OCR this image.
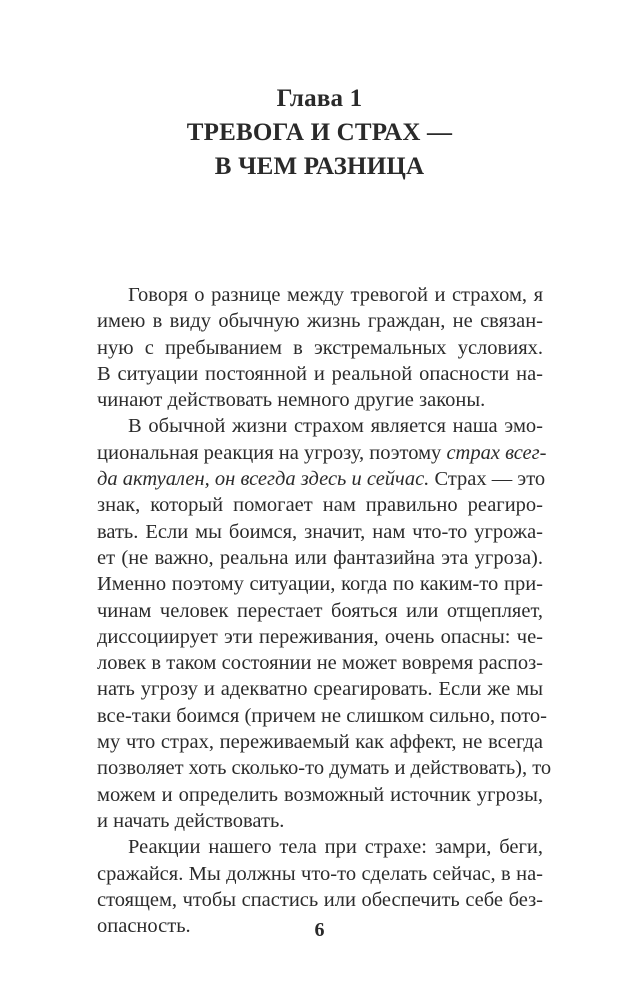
Глава 1
ТРЕВОГА И СТРАХ —
В ЧЕМ РАЗНИЦА
Говоря о разнице между тревогой и страхом, я
имею в виду обычную жизнь граждан, не связан-
ную с пребыванием в экстремальных условиях.
В ситуации постоянной и реальной опасности на-
чинают действовать немного другие законы.
В обычной жизни страхом является наша эмо-
циональная реакция на угрозу, поэтому страх всег-
да актуален, он всегда здесь и сейчас. Страх — это
знак, который помогает нам правильно реагиро-
вать. Если мы боимся, значит, нам что-то угрожа-
ет (не важно, реальна или фантазийна эта угроза).
Именно поэтому ситуации, когда по каким-то при-
чинам человек перестает бояться или отщепляет,
диссоциирует эти переживания, очень опасны: че-
ловек в таком состоянии не может вовремя распоз-
нать угрозу и адекватно среагировать. Если же мы
все-таки боимся (причем не слишком сильно, пото-
му что страх, переживаемый как аффект, не всегда
позволяет хоть сколько-то думать и действовать), то
можем и определить возможный источник угрозы,
и начать действовать.
Реакции нашего тела при страхе: замри, беги,
сражайся. Мы должны что-то сделать сейчас, в на-
стоящем, чтобы спастись или обеспечить себе без-
опасность.	6
